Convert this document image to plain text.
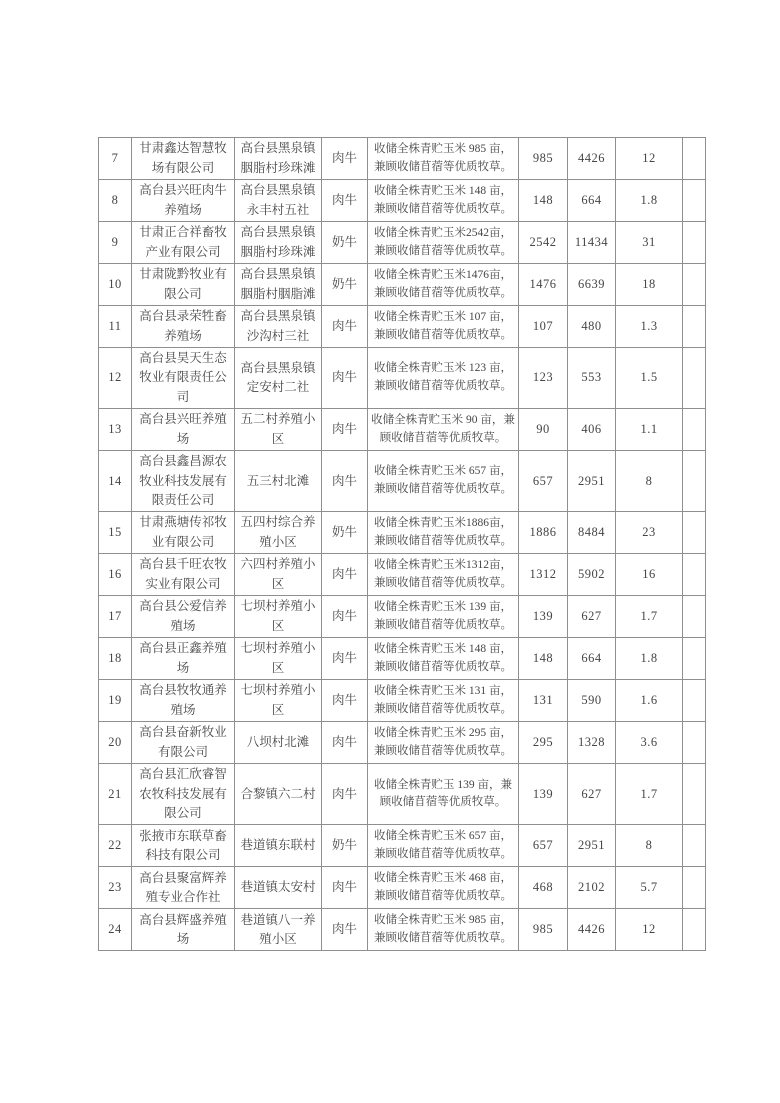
7	甘肃鑫达智慧牧场有限公司	高台县黑泉镇胭脂村珍珠滩	肉牛	收储全株青贮玉米 985 亩，兼顾收储苜蓿等优质牧草。	985	4426	12	
8	高台县兴旺肉牛养殖场	高台县黑泉镇永丰村五社	肉牛	收储全株青贮玉米 148 亩，兼顾收储苜蓿等优质牧草。	148	664	1.8	
9	甘肃正合祥畜牧产业有限公司	高台县黑泉镇胭脂村珍珠滩	奶牛	收储全株青贮玉米2542亩，兼顾收储苜蓿等优质牧草。	2542	11434	31	
10	甘肃陇黔牧业有限公司	高台县黑泉镇胭脂村胭脂滩	奶牛	收储全株青贮玉米1476亩，兼顾收储苜蓿等优质牧草。	1476	6639	18	
11	高台县录荣牲畜养殖场	高台县黑泉镇沙沟村三社	肉牛	收储全株青贮玉米 107 亩，兼顾收储苜蓿等优质牧草。	107	480	1.3	
12	高台县昊天生态牧业有限责任公司	高台县黑泉镇定安村二社	肉牛	收储全株青贮玉米 123 亩，兼顾收储苜蓿等优质牧草。	123	553	1.5	
13	高台县兴旺养殖场	五二村养殖小区	肉牛	收储全株青贮玉米 90 亩，兼顾收储苜蓿等优质牧草。	90	406	1.1	
14	高台县鑫昌源农牧业科技发展有限责任公司	五三村北滩	肉牛	收储全株青贮玉米 657 亩，兼顾收储苜蓿等优质牧草。	657	2951	8	
15	甘肃燕塘传祁牧业有限公司	五四村综合养殖小区	奶牛	收储全株青贮玉米1886亩，兼顾收储苜蓿等优质牧草。	1886	8484	23	
16	高台县千旺农牧实业有限公司	六四村养殖小区	肉牛	收储全株青贮玉米1312亩，兼顾收储苜蓿等优质牧草。	1312	5902	16	
17	高台县公爱信养殖场	七坝村养殖小区	肉牛	收储全株青贮玉米 139 亩，兼顾收储苜蓿等优质牧草。	139	627	1.7	
18	高台县正鑫养殖场	七坝村养殖小区	肉牛	收储全株青贮玉米 148 亩，兼顾收储苜蓿等优质牧草。	148	664	1.8	
19	高台县牧牧通养殖场	七坝村养殖小区	肉牛	收储全株青贮玉米 131 亩，兼顾收储苜蓿等优质牧草。	131	590	1.6	
20	高台县奋新牧业有限公司	八坝村北滩	肉牛	收储全株青贮玉米 295 亩，兼顾收储苜蓿等优质牧草。	295	1328	3.6	
21	高台县汇欣睿智农牧科技发展有限公司	合黎镇六二村	肉牛	收储全株青贮玉 139 亩，兼顾收储苜蓿等优质牧草。	139	627	1.7	
22	张掖市东联草畜科技有限公司	巷道镇东联村	奶牛	收储全株青贮玉米 657 亩，兼顾收储苜蓿等优质牧草。	657	2951	8	
23	高台县聚富辉养殖专业合作社	巷道镇太安村	肉牛	收储全株青贮玉米 468 亩，兼顾收储苜蓿等优质牧草。	468	2102	5.7	
24	高台县辉盛养殖场	巷道镇八一养殖小区	肉牛	收储全株青贮玉米 985 亩，兼顾收储苜蓿等优质牧草。	985	4426	12	
